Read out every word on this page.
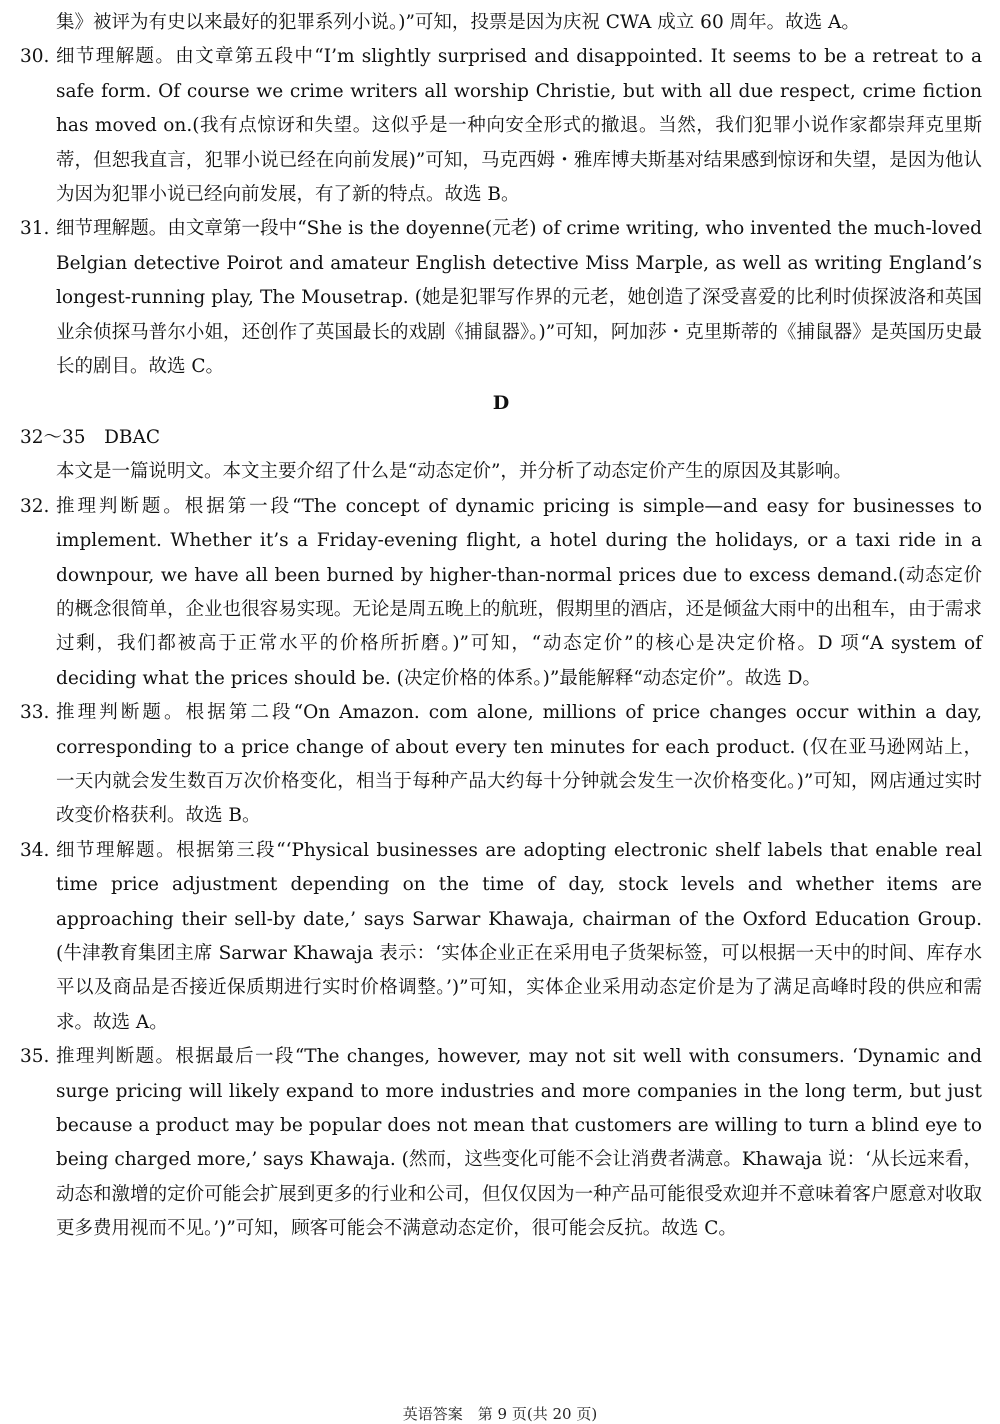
集》被评为有史以来最好的犯罪系列小说。)”可知，投票是因为庆祝 CWA 成立 60 周年。故选 A。

30. 细节理解题。由文章第五段中“I’m slightly surprised and disappointed. It seems to be a retreat to a safe form. Of course we crime writers all worship Christie, but with all due respect, crime fiction has moved on.(我有点惊讶和失望。这似乎是一种向安全形式的撤退。当然，我们犯罪小说作家都崇拜克里斯蒂，但恕我直言，犯罪小说已经在向前发展)”可知，马克西姆・雅库博夫斯基对结果感到惊讶和失望，是因为他认为因为犯罪小说已经向前发展，有了新的特点。故选 B。

31. 细节理解题。由文章第一段中“She is the doyenne(元老) of crime writing, who invented the much-loved Belgian detective Poirot and amateur English detective Miss Marple, as well as writing England’s longest-running play, The Mousetrap. (她是犯罪写作界的元老，她创造了深受喜爱的比利时侦探波洛和英国业余侦探马普尔小姐，还创作了英国最长的戏剧《捕鼠器》。)”可知，阿加莎・克里斯蒂的《捕鼠器》是英国历史最长的剧目。故选 C。

D

32～35　DBAC

本文是一篇说明文。本文主要介绍了什么是“动态定价”，并分析了动态定价产生的原因及其影响。

32. 推理判断题。根据第一段“The concept of dynamic pricing is simple—and easy for businesses to implement. Whether it’s a Friday-evening flight, a hotel during the holidays, or a taxi ride in a downpour, we have all been burned by higher-than-normal prices due to excess demand.(动态定价的概念很简单，企业也很容易实现。无论是周五晚上的航班，假期里的酒店，还是倾盆大雨中的出租车，由于需求过剩，我们都被高于正常水平的价格所折磨。)”可知，“动态定价”的核心是决定价格。D 项“A system of deciding what the prices should be. (决定价格的体系。)”最能解释“动态定价”。故选 D。

33. 推理判断题。根据第二段“On Amazon. com alone, millions of price changes occur within a day, corresponding to a price change of about every ten minutes for each product. (仅在亚马逊网站上，一天内就会发生数百万次价格变化，相当于每种产品大约每十分钟就会发生一次价格变化。)”可知，网店通过实时改变价格获利。故选 B。

34. 细节理解题。根据第三段“‘Physical businesses are adopting electronic shelf labels that enable real time price adjustment depending on the time of day, stock levels and whether items are approaching their sell-by date,’ says Sarwar Khawaja, chairman of the Oxford Education Group. (牛津教育集团主席 Sarwar Khawaja 表示：‘实体企业正在采用电子货架标签，可以根据一天中的时间、库存水平以及商品是否接近保质期进行实时价格调整。’)”可知，实体企业采用动态定价是为了满足高峰时段的供应和需求。故选 A。

35. 推理判断题。根据最后一段“The changes, however, may not sit well with consumers. ‘Dynamic and surge pricing will likely expand to more industries and more companies in the long term, but just because a product may be popular does not mean that customers are willing to turn a blind eye to being charged more,’ says Khawaja. (然而，这些变化可能不会让消费者满意。Khawaja 说：‘从长远来看，动态和激增的定价可能会扩展到更多的行业和公司，但仅仅因为一种产品可能很受欢迎并不意味着客户愿意对收取更多费用视而不见。’)”可知，顾客可能会不满意动态定价，很可能会反抗。故选 C。

英语答案　第 9 页(共 20 页)
